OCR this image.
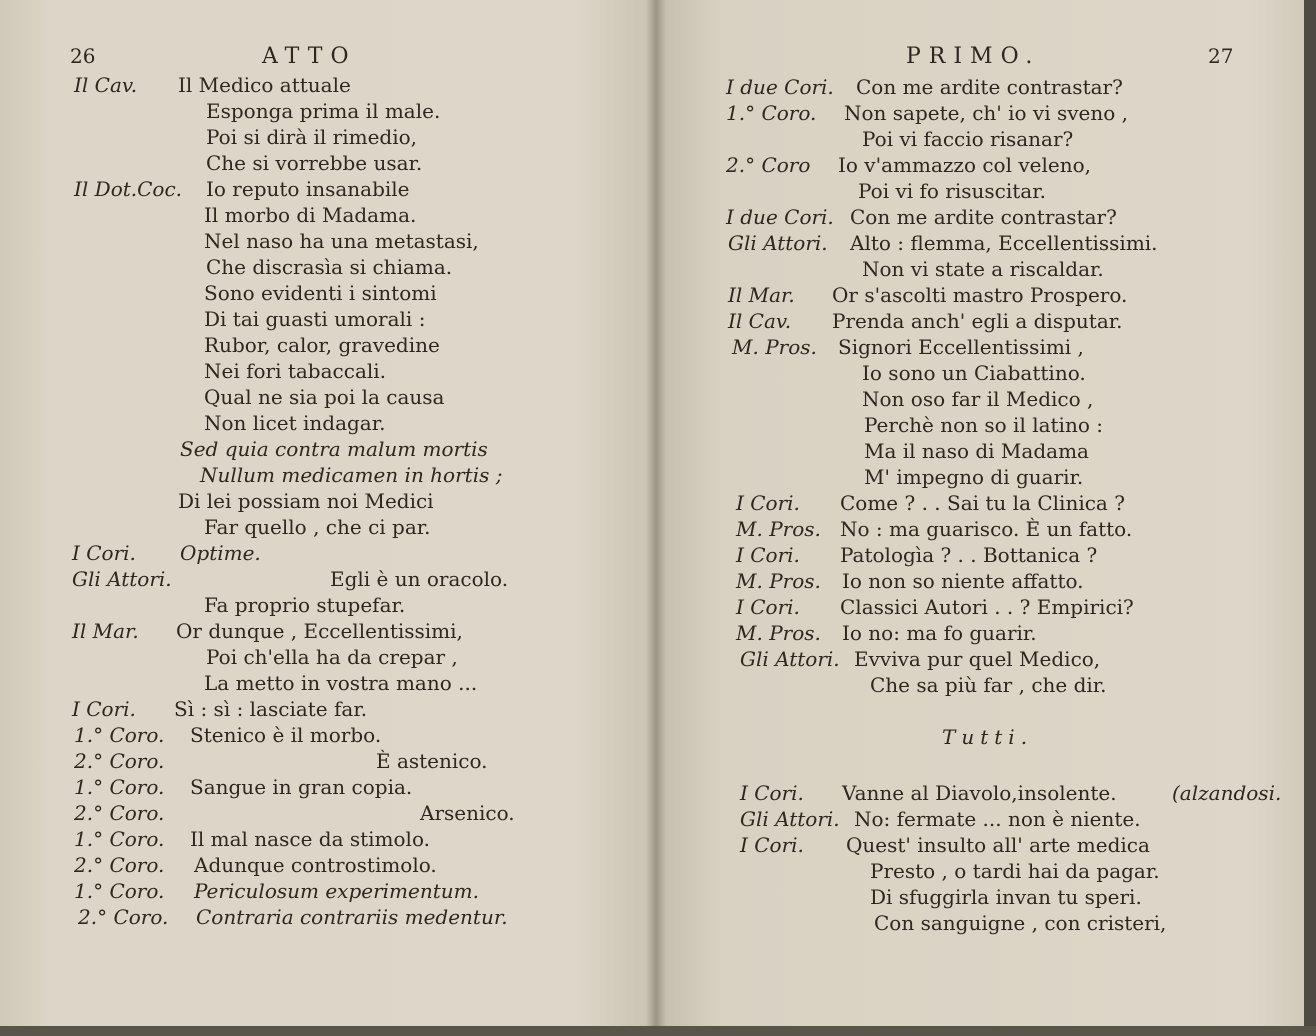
26	ATTO
Il Cav. Il Medico attuale
Esponga prima il male.
Poi si dirà il rimedio,
Che si vorrebbe usar.
Il Dot.Coc. Io reputo insanabile
Il morbo di Madama.
Nel naso ha una metastasi,
Che discrasìa si chiama.
Sono evidenti i sintomi
Di tai guasti umorali :
Rubor, calor, gravedine
Nei fori tabaccali.
Qual ne sia poi la causa
Non licet indagar.
Sed quia contra malum mortis
Nullum medicamen in hortis ;
Di lei possiam noi Medici
Far quello , che ci par.
I Cori. Optime.
Gli Attori.	Egli è un oracolo.
Fa proprio stupefar.
Il Mar. Or dunque , Eccellentissimi,
Poi ch'ella ha da crepar ,
La metto in vostra mano ...
I Cori. Sì : sì : lasciate far.
1.° Coro. Stenico è il morbo.
2.° Coro.	È astenico.
1.° Coro. Sangue in gran copia.
2.° Coro.	Arsenico.
1.° Coro. Il mal nasce da stimolo.
2.° Coro. Adunque controstimolo.
1.° Coro. Periculosum experimentum.
2.° Coro. Contraria contrariis medentur.
PRIMO.	27
I due Cori. Con me ardite contrastar?
1.° Coro. Non sapete, ch' io vi sveno ,
Poi vi faccio risanar?
2.° Coro Io v'ammazzo col veleno,
Poi vi fo risuscitar.
I due Cori. Con me ardite contrastar?
Gli Attori. Alto : flemma, Eccellentissimi.
Non vi state a riscaldar.
Il Mar. Or s'ascolti mastro Prospero.
Il Cav. Prenda anch' egli a disputar.
M. Pros. Signori Eccellentissimi ,
Io sono un Ciabattino.
Non oso far il Medico ,
Perchè non so il latino :
Ma il naso di Madama
M' impegno di guarir.
I Cori. Come ? . . Sai tu la Clinica ?
M. Pros. No : ma guarisco. È un fatto.
I Cori. Patologìa ? . . Bottanica ?
M. Pros. Io non so niente affatto.
I Cori. Classici Autori . . ? Empirici?
M. Pros. Io no: ma fo guarir.
Gli Attori. Evviva pur quel Medico,
Che sa più far , che dir.
Tutti.
I Cori. Vanne al Diavolo,insolente.	(alzandosi.
Gli Attori. No: fermate ... non è niente.
I Cori. Quest' insulto all' arte medica
Presto , o tardi hai da pagar.
Di sfuggirla invan tu speri.
Con sanguigne , con cristeri,
